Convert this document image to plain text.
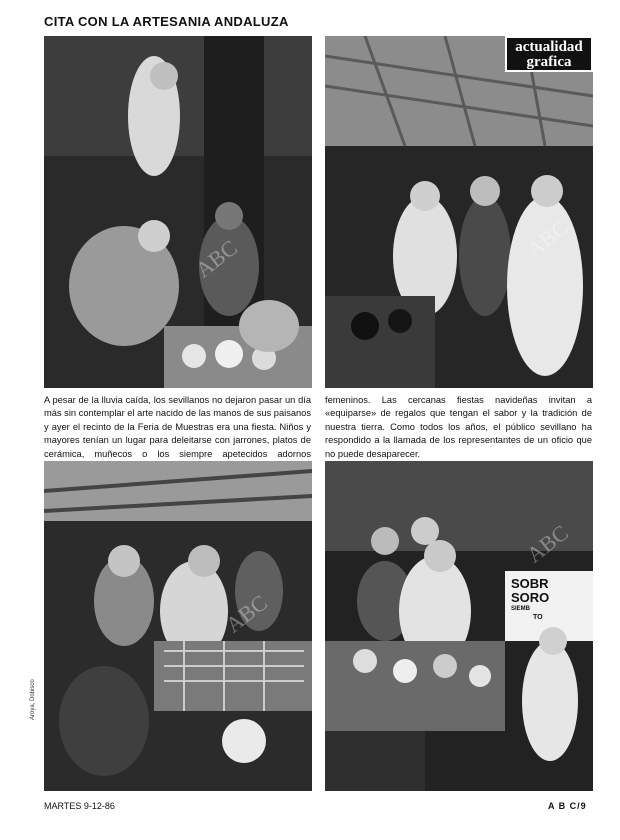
CITA CON LA ARTESANIA ANDALUZA
ABC
actualidad
grafica
ABC
A pesar de la lluvia caída, los sevillanos no dejaron pasar un día más sin contemplar el arte nacido de las manos de sus paisanos y ayer el recinto de la Feria de Muestras era una fiesta. Niños y mayores tenían un lugar para deleitarse con jarrones, platos de cerámica, muñecos o los siempre apetecidos adornos femeninos. Las cercanas fiestas navideñas invitan a «equiparse» de regalos que tengan el sabor y la tradición de nuestra tierra. Como todos los años, el público sevillano ha respondido a la llamada de los representantes de un oficio que no puede desaparecer.
ABC
SOBR
SORO
SIEMB
TO
ABC
Aroya, Dobisco
MARTES 9-12-86	A B C/9
